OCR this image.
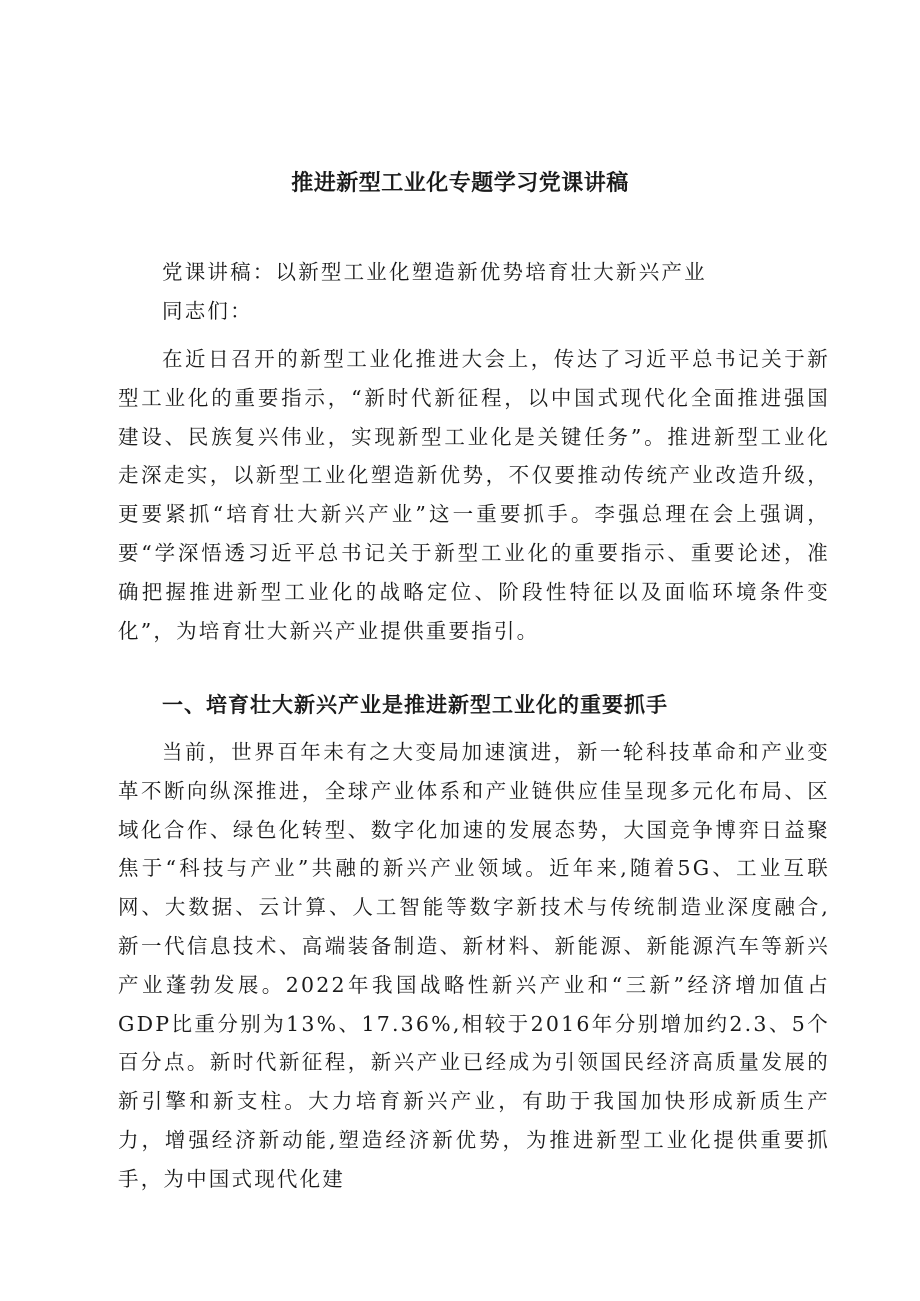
推进新型工业化专题学习党课讲稿

党课讲稿：以新型工业化塑造新优势培育壮大新兴产业

同志们：

在近日召开的新型工业化推进大会上，传达了习近平总书记关于新型工业化的重要指示，“新时代新征程，以中国式现代化全面推进强国建设、民族复兴伟业，实现新型工业化是关键任务”。推进新型工业化走深走实，以新型工业化塑造新优势，不仅要推动传统产业改造升级，更要紧抓“培育壮大新兴产业”这一重要抓手。李强总理在会上强调，要“学深悟透习近平总书记关于新型工业化的重要指示、重要论述，准确把握推进新型工业化的战略定位、阶段性特征以及面临环境条件变化”，为培育壮大新兴产业提供重要指引。

一、培育壮大新兴产业是推进新型工业化的重要抓手

当前，世界百年未有之大变局加速演进，新一轮科技革命和产业变革不断向纵深推进，全球产业体系和产业链供应佳呈现多元化布局、区域化合作、绿色化转型、数字化加速的发展态势，大国竞争博弈日益聚焦于“科技与产业”共融的新兴产业领域。近年来,随着5G、工业互联网、大数据、云计算、人工智能等数字新技术与传统制造业深度融合,新一代信息技术、高端装备制造、新材料、新能源、新能源汽车等新兴产业蓬勃发展。2022年我国战略性新兴产业和“三新”经济增加值占GDP比重分别为13%、17.36%,相较于2016年分别增加约2.3、5个百分点。新时代新征程，新兴产业已经成为引领国民经济高质量发展的新引擎和新支柱。大力培育新兴产业，有助于我国加快形成新质生产力，增强经济新动能,塑造经济新优势，为推进新型工业化提供重要抓手，为中国式现代化建
